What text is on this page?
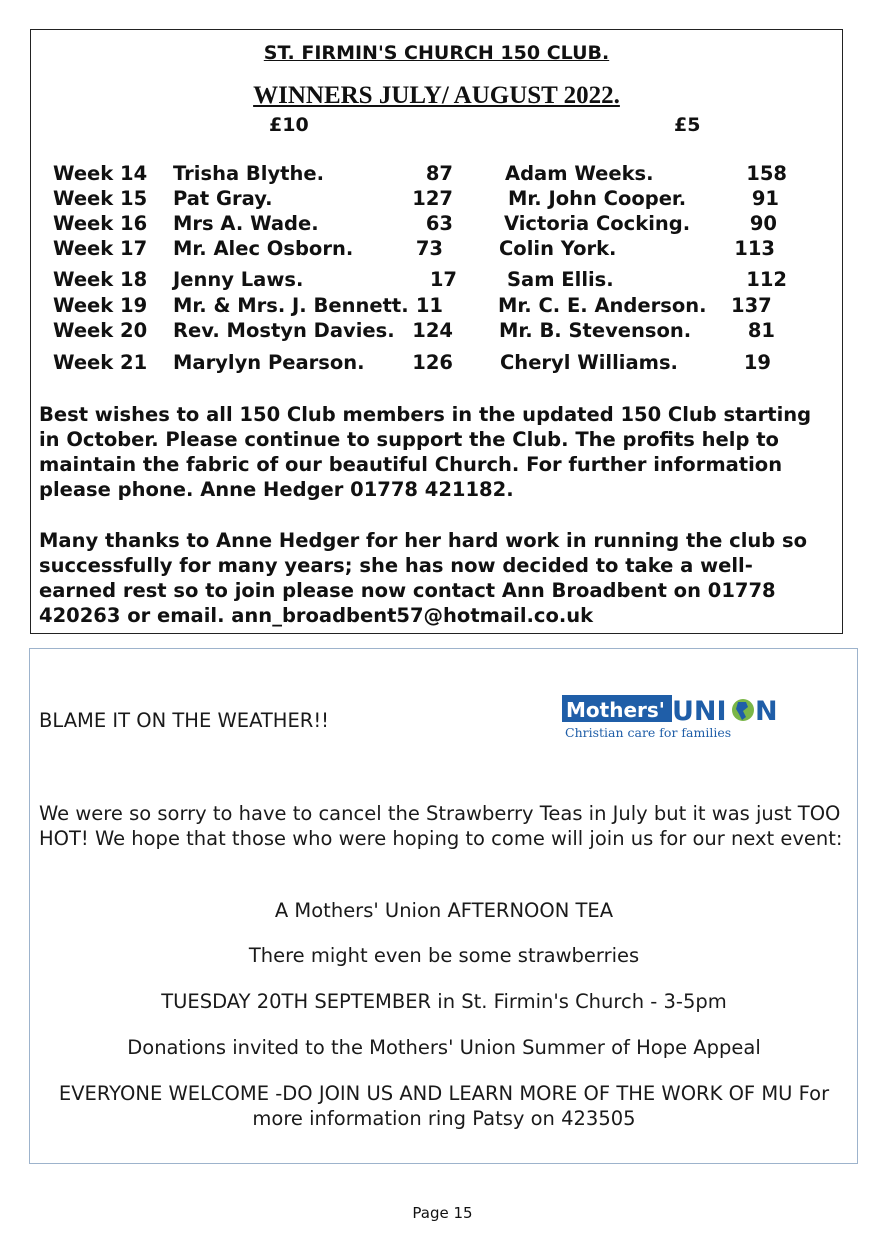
ST. FIRMIN'S CHURCH 150 CLUB.
WINNERS JULY/ AUGUST 2022.
£10	£5
Week 14 Trisha Blythe.	87	Adam Weeks.	158
Week 15 Pat Gray.	127	Mr. John Cooper.	91
Week 16 Mrs A. Wade.	63	Victoria Cocking.	90
Week 17 Mr. Alec Osborn.	73	Colin York.	113
Week 18 Jenny Laws.	17	Sam Ellis.	112
Week 19 Mr. & Mrs. J. Bennett. 11	Mr. C. E. Anderson. 137
Week 20 Rev. Mostyn Davies. 124 Mr. B. Stevenson.	81
Week 21 Marylyn Pearson. 126 Cheryl Williams.	19
Best wishes to all 150 Club members in the updated 150 Club starting in October. Please continue to support the Club. The profits help to maintain the fabric of our beautiful Church. For further information please phone. Anne Hedger 01778 421182.
Many thanks to Anne Hedger for her hard work in running the club so successfully for many years; she has now decided to take a well- earned rest so to join please now contact Ann Broadbent on 01778 420263 or email. ann_broadbent57@hotmail.co.uk
BLAME IT ON THE WEATHER!!	Mothers' UNI N
Christian care for families
We were so sorry to have to cancel the Strawberry Teas in July but it was just TOO HOT! We hope that those who were hoping to come will join us for our next event:
A Mothers' Union AFTERNOON TEA
There might even be some strawberries
TUESDAY 20TH SEPTEMBER in St. Firmin's Church - 3-5pm
Donations invited to the Mothers' Union Summer of Hope Appeal
EVERYONE WELCOME -DO JOIN US AND LEARN MORE OF THE WORK OF MU For more information ring Patsy on 423505
Page 15
